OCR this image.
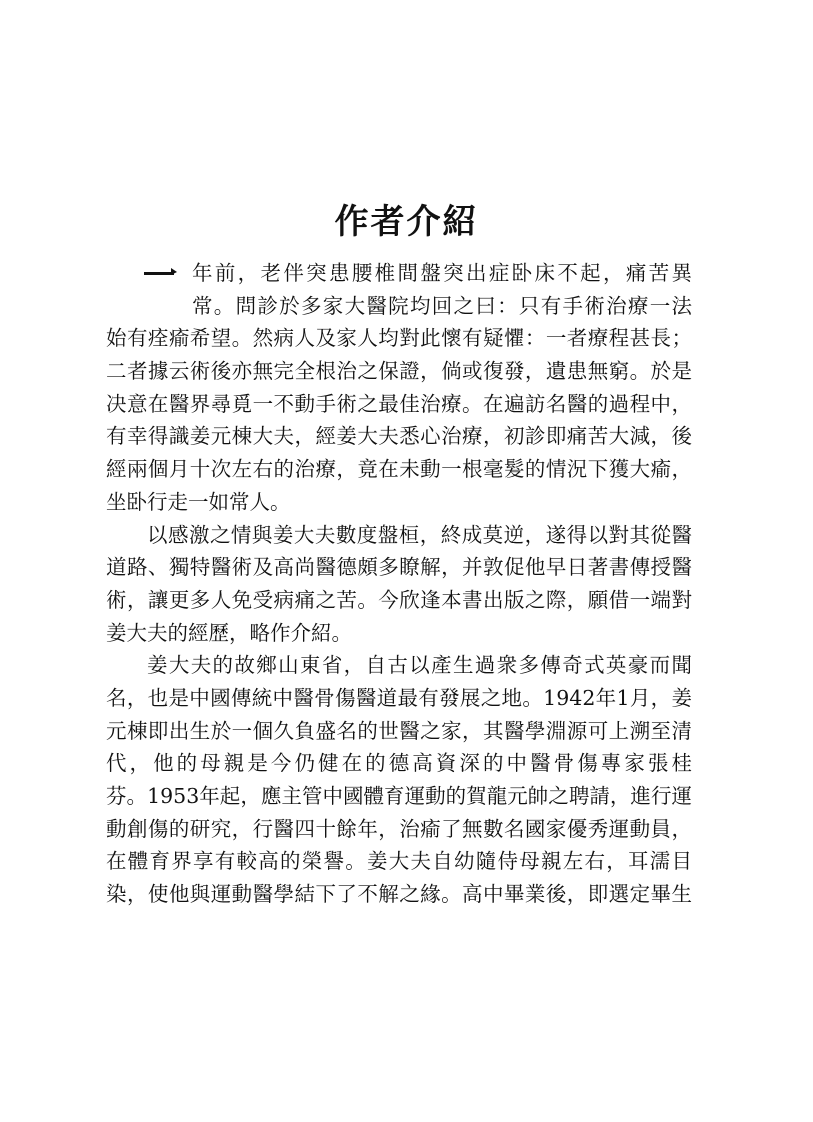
作者介紹
年前，老伴突患腰椎間盤突出症卧床不起，痛苦異
常。問診於多家大醫院均回之曰：只有手術治療一法
始有痊瘉希望。然病人及家人均對此懷有疑懼：一者療程甚長；
二者據云術後亦無完全根治之保證，倘或復發，遺患無窮。於是
决意在醫界尋覓一不動手術之最佳治療。在遍訪名醫的過程中，
有幸得識姜元棟大夫，經姜大夫悉心治療，初診即痛苦大減，後
經兩個月十次左右的治療，竟在未動一根毫髮的情況下獲大瘉，
坐卧行走一如常人。
以感激之情與姜大夫數度盤桓，終成莫逆，遂得以對其從醫
道路、獨特醫術及高尚醫德頗多瞭解，并敦促他早日著書傳授醫
術，讓更多人免受病痛之苦。今欣逢本書出版之際，願借一端對
姜大夫的經歷，略作介紹。
姜大夫的故鄉山東省，自古以產生過衆多傳奇式英豪而聞
名，也是中國傳統中醫骨傷醫道最有發展之地。1942年1月，姜
元棟即出生於一個久負盛名的世醫之家，其醫學淵源可上溯至清
代，他的母親是今仍健在的德高資深的中醫骨傷專家張桂
芬。1953年起，應主管中國體育運動的賀龍元帥之聘請，進行運
動創傷的研究，行醫四十餘年，治瘉了無數名國家優秀運動員，
在體育界享有較高的榮譽。姜大夫自幼隨侍母親左右，耳濡目
染，使他與運動醫學結下了不解之緣。高中畢業後，即選定畢生
